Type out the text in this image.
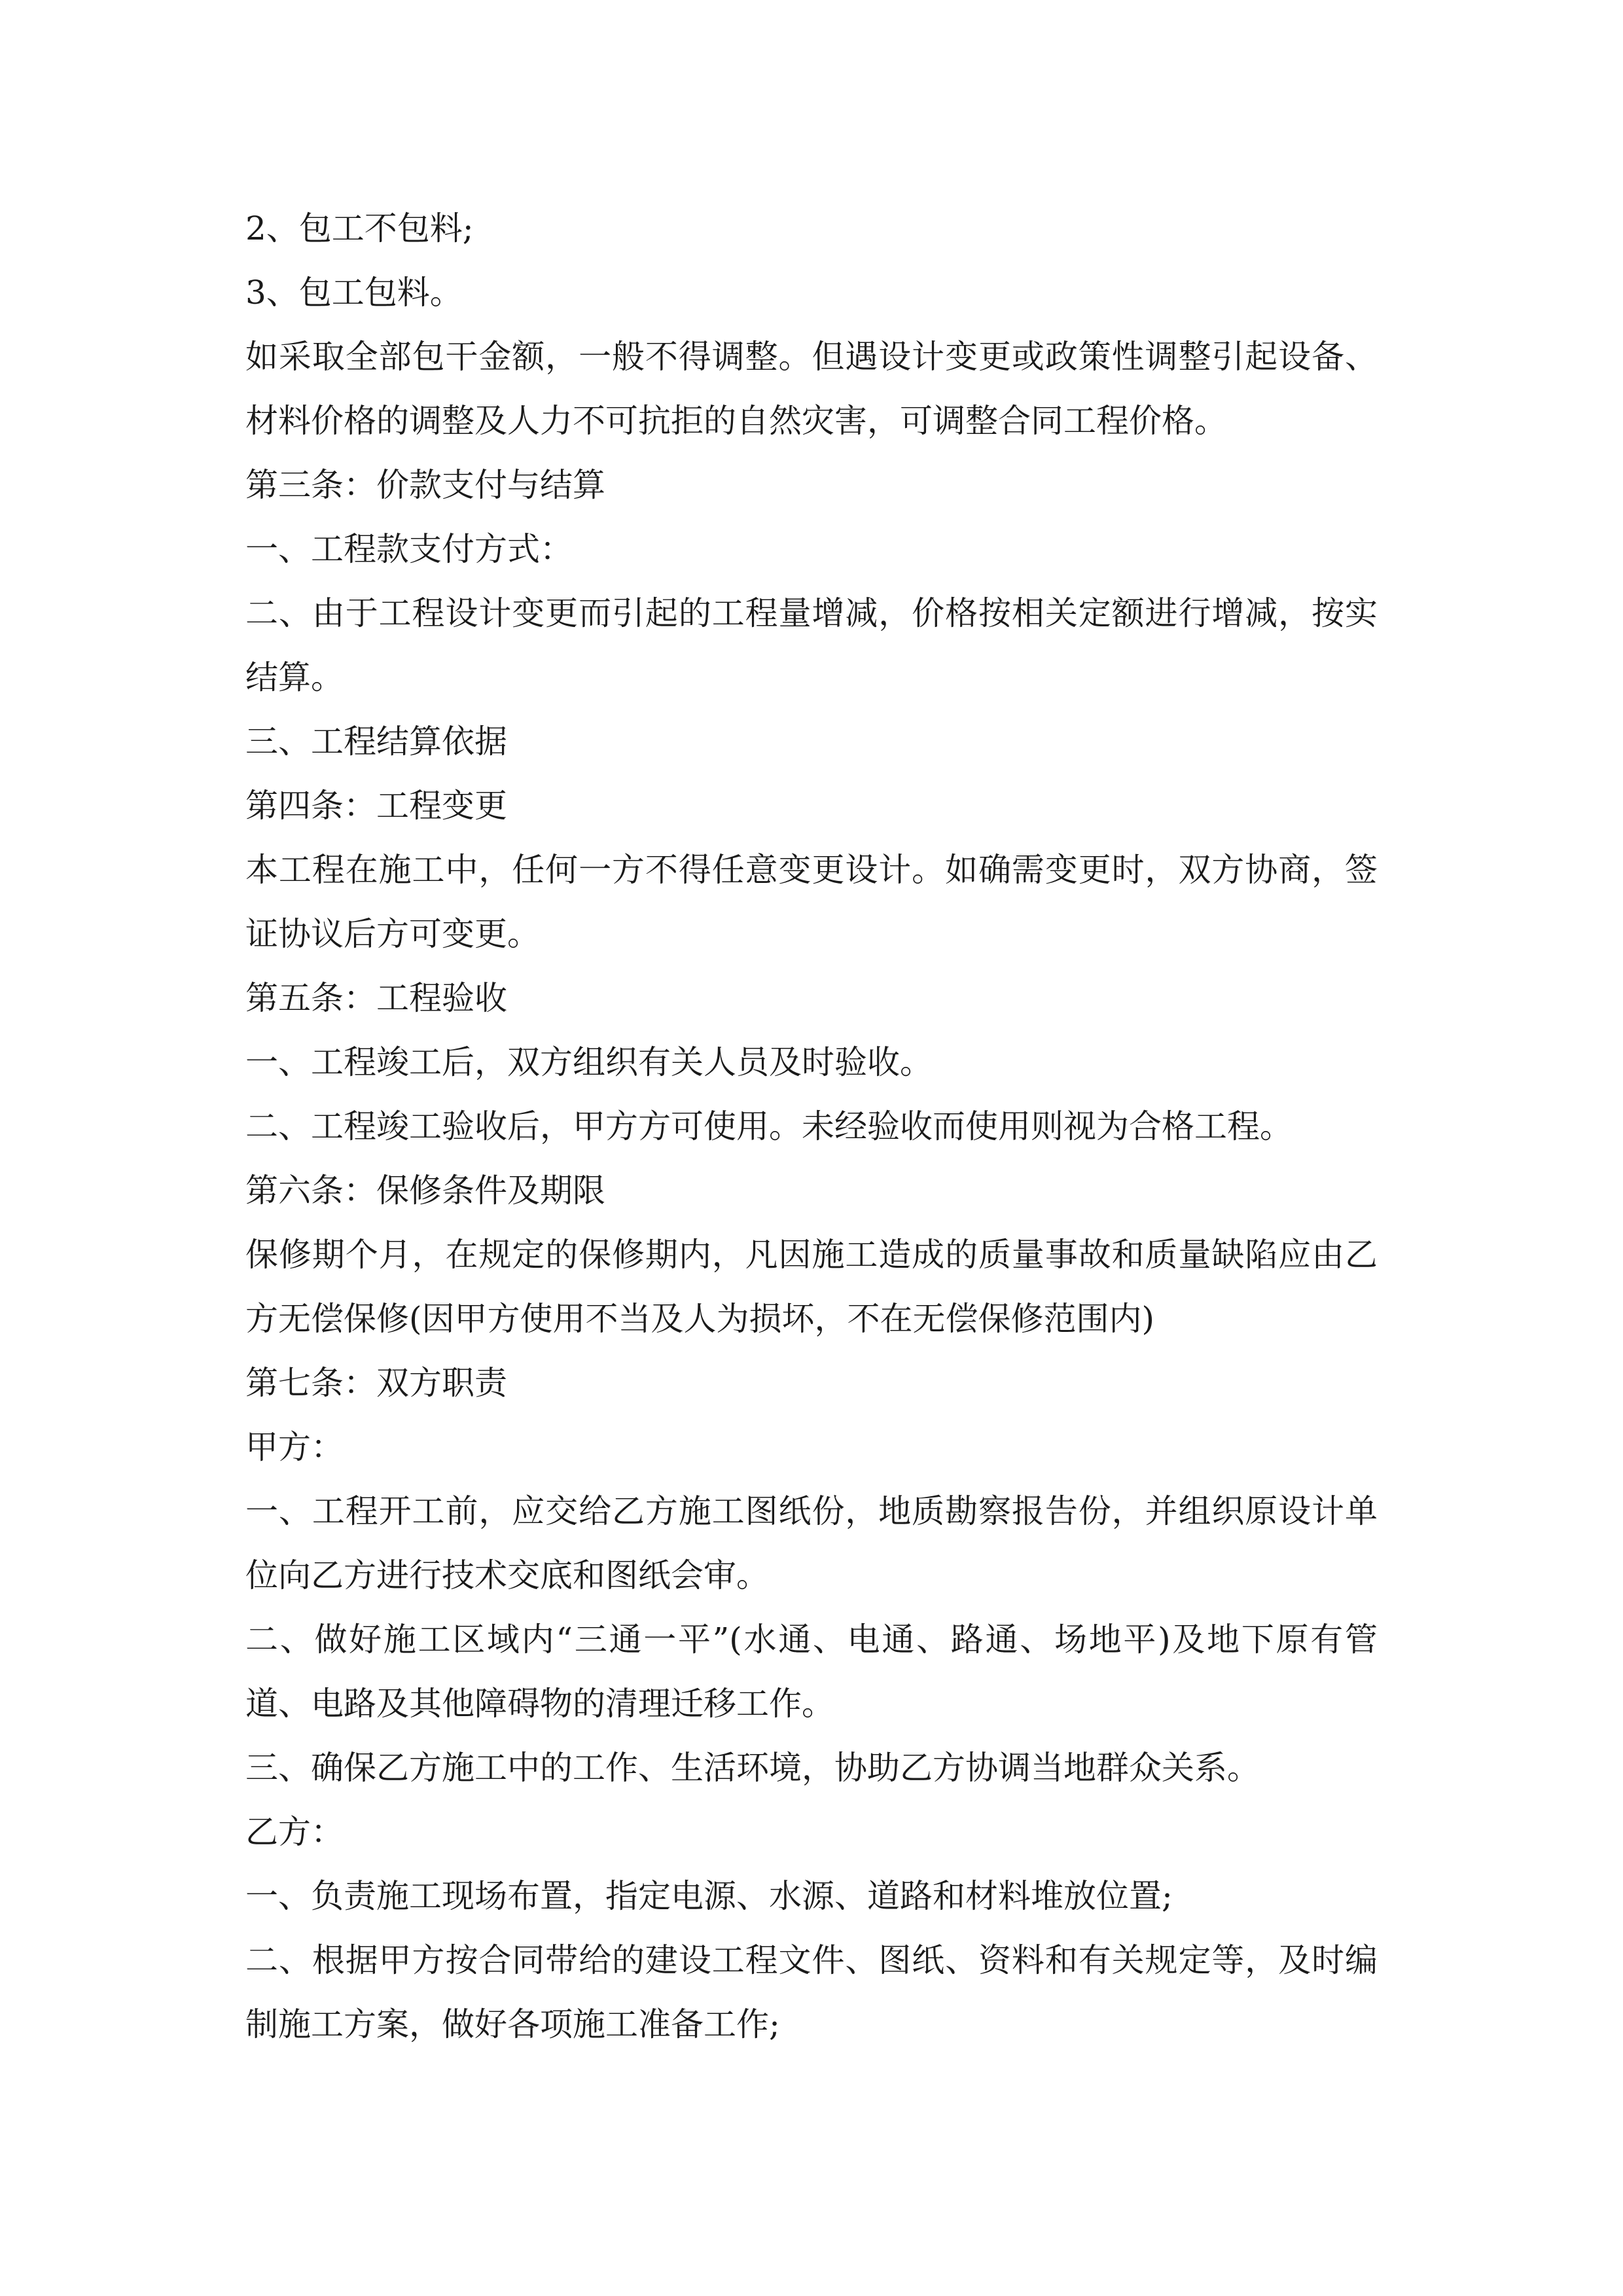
2、包工不包料;

3、包工包料。

如采取全部包干金额，一般不得调整。但遇设计变更或政策性调整引起设备、材料价格的调整及人力不可抗拒的自然灾害，可调整合同工程价格。

第三条：价款支付与结算

一、工程款支付方式：

二、由于工程设计变更而引起的工程量增减，价格按相关定额进行增减，按实结算。

三、工程结算依据

第四条：工程变更

本工程在施工中，任何一方不得任意变更设计。如确需变更时，双方协商，签证协议后方可变更。

第五条：工程验收

一、工程竣工后，双方组织有关人员及时验收。

二、工程竣工验收后，甲方方可使用。未经验收而使用则视为合格工程。

第六条：保修条件及期限

保修期个月，在规定的保修期内，凡因施工造成的质量事故和质量缺陷应由乙方无偿保修(因甲方使用不当及人为损坏，不在无偿保修范围内)

第七条：双方职责

甲方：

一、工程开工前，应交给乙方施工图纸份，地质勘察报告份，并组织原设计单位向乙方进行技术交底和图纸会审。

二、做好施工区域内“三通一平”(水通、电通、路通、场地平)及地下原有管道、电路及其他障碍物的清理迁移工作。

三、确保乙方施工中的工作、生活环境，协助乙方协调当地群众关系。

乙方：

一、负责施工现场布置，指定电源、水源、道路和材料堆放位置;

二、根据甲方按合同带给的建设工程文件、图纸、资料和有关规定等，及时编制施工方案，做好各项施工准备工作;
